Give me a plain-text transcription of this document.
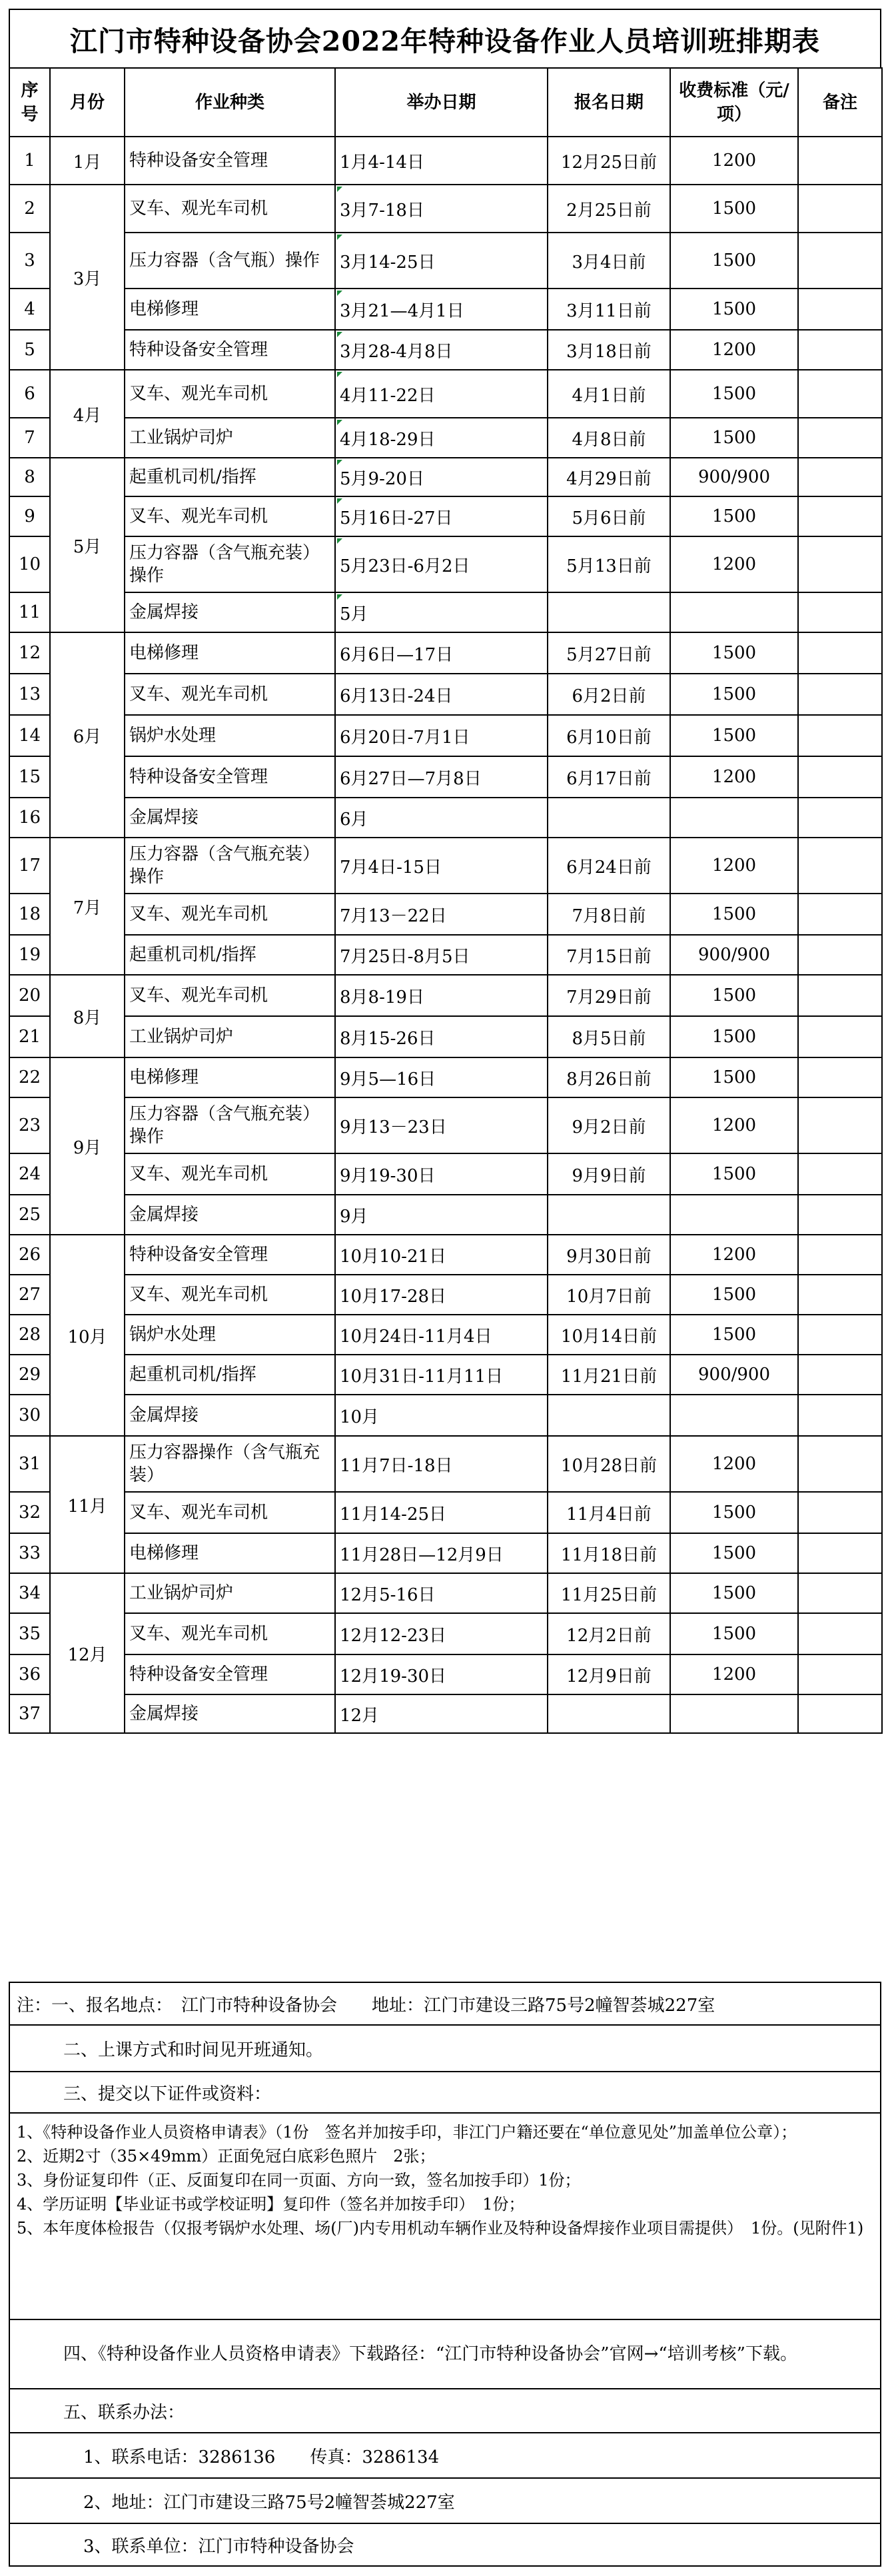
江门市特种设备协会2022年特种设备作业人员培训班排期表
序号	月份	作业种类	举办日期	报名日期	收费标准（元/项）	备注
1	1月	特种设备安全管理	1月4-14日	12月25日前	1200	
2	3月	叉车、观光车司机	3月7-18日	2月25日前	1500	
3		压力容器（含气瓶）操作	3月14-25日	3月4日前	1500	
4		电梯修理	3月21—4月1日	3月11日前	1500	
5		特种设备安全管理	3月28-4月8日	3月18日前	1200	
6	4月	叉车、观光车司机	4月11-22日	4月1日前	1500	
7		工业锅炉司炉	4月18-29日	4月8日前	1500	
8	5月	起重机司机/指挥	5月9-20日	4月29日前	900/900	
9		叉车、观光车司机	5月16日-27日	5月6日前	1500	
10		压力容器（含气瓶充装）操作	5月23日-6月2日	5月13日前	1200	
11		金属焊接	5月			
12	6月	电梯修理	6月6日—17日	5月27日前	1500	
13		叉车、观光车司机	6月13日-24日	6月2日前	1500	
14		锅炉水处理	6月20日-7月1日	6月10日前	1500	
15		特种设备安全管理	6月27日—7月8日	6月17日前	1200	
16		金属焊接	6月			
17	7月	压力容器（含气瓶充装）操作	7月4日-15日	6月24日前	1200	
18		叉车、观光车司机	7月13－22日	7月8日前	1500	
19		起重机司机/指挥	7月25日-8月5日	7月15日前	900/900	
20	8月	叉车、观光车司机	8月8-19日	7月29日前	1500	
21		工业锅炉司炉	8月15-26日	8月5日前	1500	
22	9月	电梯修理	9月5—16日	8月26日前	1500	
23		压力容器（含气瓶充装）操作	9月13－23日	9月2日前	1200	
24		叉车、观光车司机	9月19-30日	9月9日前	1500	
25		金属焊接	9月			
26	10月	特种设备安全管理	10月10-21日	9月30日前	1200	
27		叉车、观光车司机	10月17-28日	10月7日前	1500	
28		锅炉水处理	10月24日-11月4日	10月14日前	1500	
29		起重机司机/指挥	10月31日-11月11日	11月21日前	900/900	
30		金属焊接	10月			
31	11月	压力容器操作（含气瓶充装）	11月7日-18日	10月28日前	1200	
32		叉车、观光车司机	11月14-25日	11月4日前	1500	
33		电梯修理	11月28日—12月9日	11月18日前	1500	
34	12月	工业锅炉司炉	12月5-16日	11月25日前	1500	
35		叉车、观光车司机	12月12-23日	12月2日前	1500	
36		特种设备安全管理	12月19-30日	12月9日前	1200	
37		金属焊接	12月			
注：一、报名地点：　江门市特种设备协会　　地址：江门市建设三路75号2幢智荟城227室
二、上课方式和时间见开班通知。
三、提交以下证件或资料：

1、《特种设备作业人员资格申请表》（1份　签名并加按手印，非江门户籍还要在“单位意见处”加盖单位公章）；

2、近期2寸（35×49mm）正面免冠白底彩色照片　2张；

3、身份证复印件（正、反面复印在同一页面、方向一致，签名加按手印）1份；

4、学历证明【毕业证书或学校证明】复印件（签名并加按手印）　1份；

5、本年度体检报告（仅报考锅炉水处理、场(厂)内专用机动车辆作业及特种设备焊接作业项目需提供）　1份。(见附件1)

四、《特种设备作业人员资格申请表》下载路径：“江门市特种设备协会”官网→“培训考核”下载。
五、联系办法：
1、联系电话：3286136　　传真：3286134
2、地址：江门市建设三路75号2幢智荟城227室
3、联系单位：江门市特种设备协会
